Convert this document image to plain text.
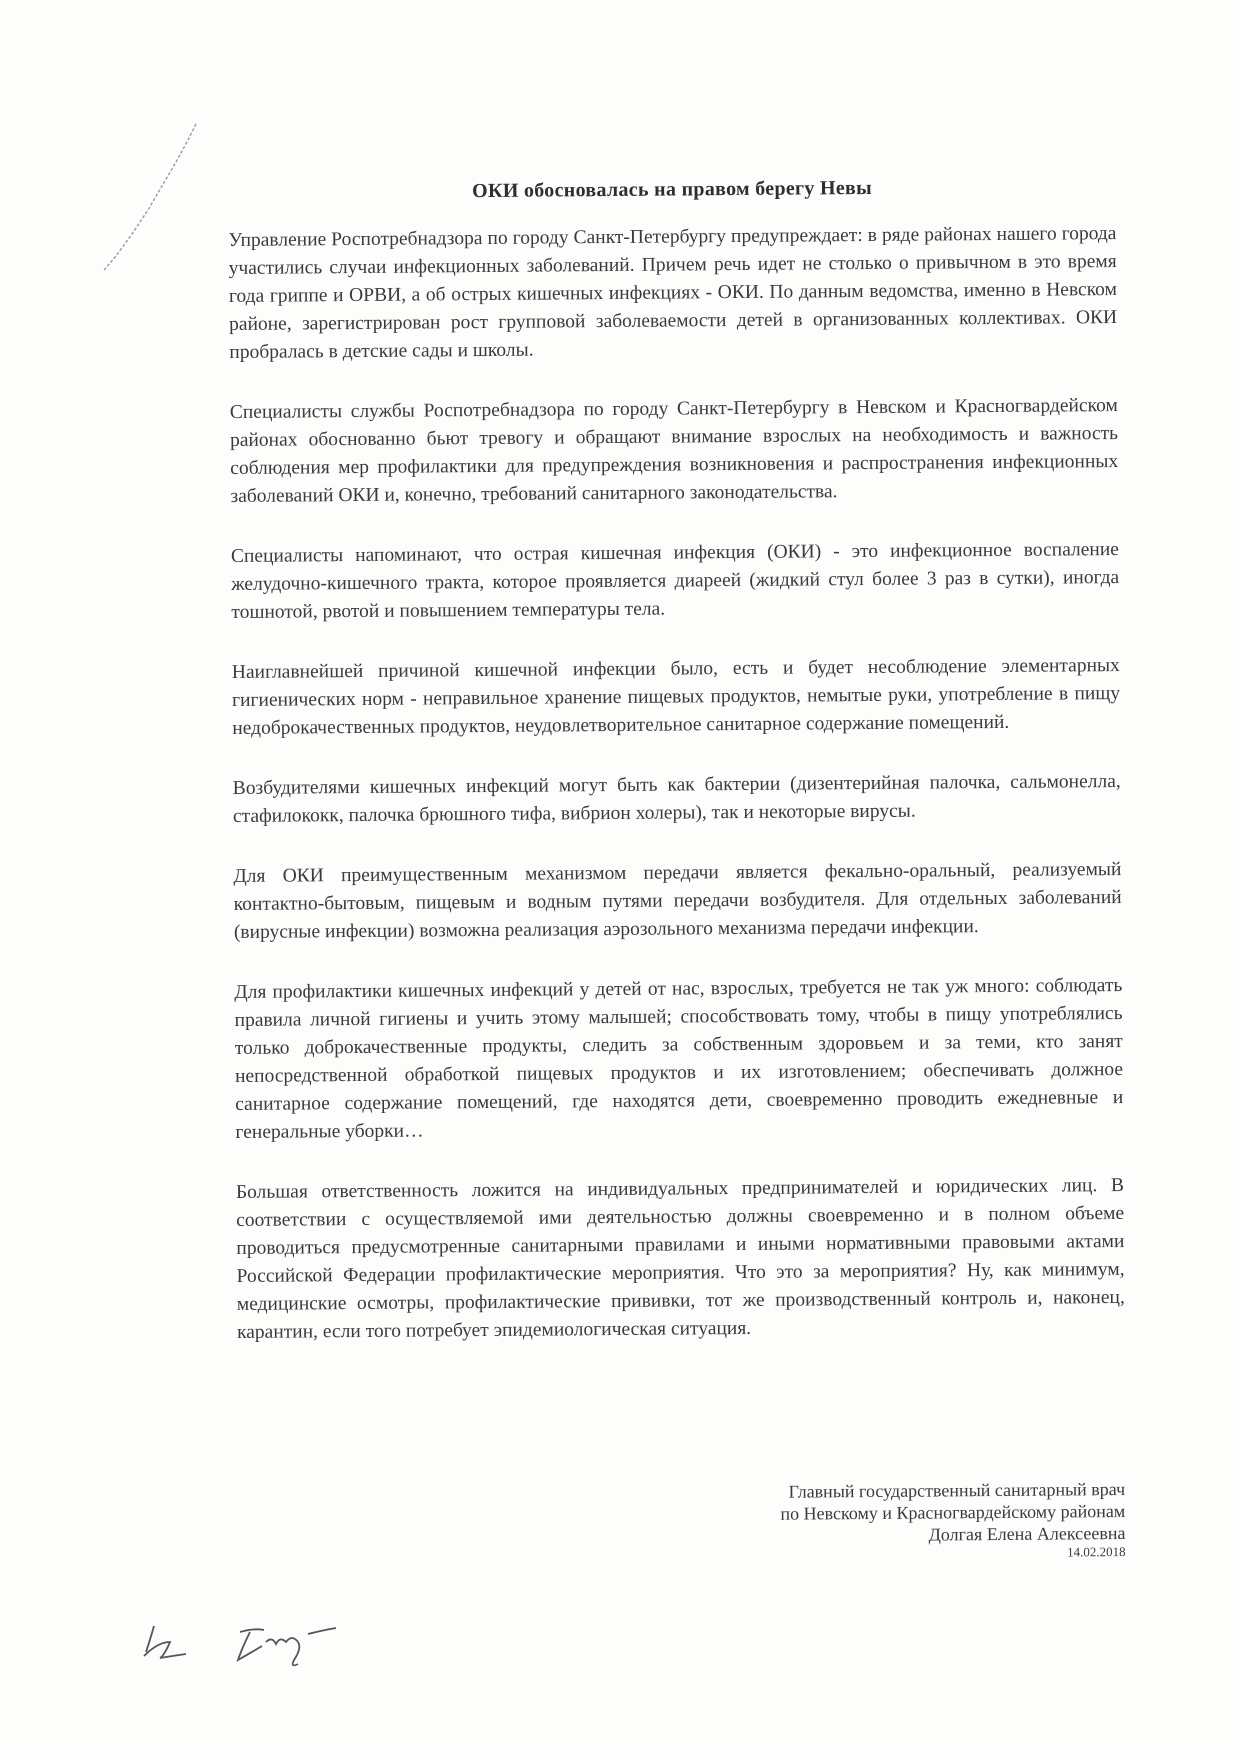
ОКИ обосновалась на правом берегу Невы

Управление Роспотребнадзора по городу Санкт-Петербургу предупреждает: в ряде районах нашего города участились случаи инфекционных заболеваний. Причем речь идет не столько о привычном в это время года гриппе и ОРВИ, а об острых кишечных инфекциях - ОКИ. По данным ведомства, именно в Невском районе, зарегистрирован рост групповой заболеваемости детей в организованных коллективах. ОКИ пробралась в детские сады и школы.

Специалисты службы Роспотребнадзора по городу Санкт-Петербургу в Невском и Красногвардейском районах обоснованно бьют тревогу и обращают внимание взрослых на необходимость и важность соблюдения мер профилактики для предупреждения возникновения и распространения инфекционных заболеваний ОКИ и, конечно, требований санитарного законодательства.

Специалисты напоминают, что острая кишечная инфекция (ОКИ) - это инфекционное воспаление желудочно-кишечного тракта, которое проявляется диареей (жидкий стул более 3 раз в сутки), иногда тошнотой, рвотой и повышением температуры тела.

Наиглавнейшей причиной кишечной инфекции было, есть и будет несоблюдение элементарных гигиенических норм - неправильное хранение пищевых продуктов, немытые руки, употребление в пищу недоброкачественных продуктов, неудовлетворительное санитарное содержание помещений.

Возбудителями кишечных инфекций могут быть как бактерии (дизентерийная палочка, сальмонелла, стафилококк, палочка брюшного тифа, вибрион холеры), так и некоторые вирусы.

Для ОКИ преимущественным механизмом передачи является фекально-оральный, реализуемый контактно-бытовым, пищевым и водным путями передачи возбудителя. Для отдельных заболеваний (вирусные инфекции) возможна реализация аэрозольного механизма передачи инфекции.

Для профилактики кишечных инфекций у детей от нас, взрослых, требуется не так уж много: соблюдать правила личной гигиены и учить этому малышей; способствовать тому, чтобы в пищу употреблялись только доброкачественные продукты, следить за собственным здоровьем и за теми, кто занят непосредственной обработкой пищевых продуктов и их изготовлением; обеспечивать должное санитарное содержание помещений, где находятся дети, своевременно проводить ежедневные и генеральные уборки…

Большая ответственность ложится на индивидуальных предпринимателей и юридических лиц. В соответствии с осуществляемой ими деятельностью должны своевременно и в полном объеме проводиться предусмотренные санитарными правилами и иными нормативными правовыми актами Российской Федерации профилактические мероприятия. Что это за мероприятия? Ну, как минимум, медицинские осмотры, профилактические прививки, тот же производственный контроль и, наконец, карантин, если того потребует эпидемиологическая ситуация.

Главный государственный санитарный врач
по Невскому и Красногвардейскому районам
Долгая Елена Алексеевна
14.02.2018
